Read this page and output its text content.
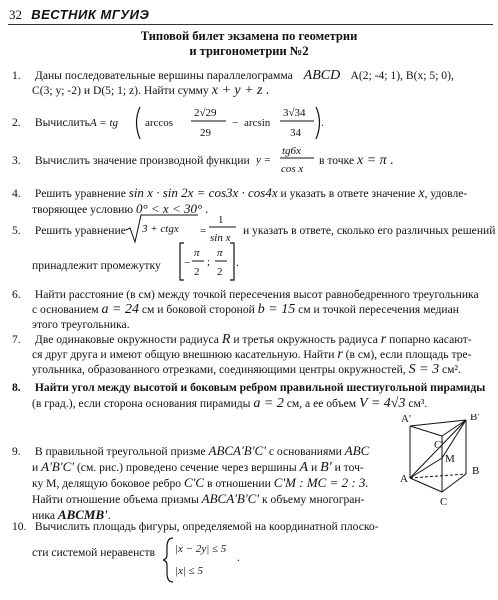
32 ВЕСТНИК МГУИЭ
Типовой билет экзамена по геометрии
и тригонометрии №2
1. Даны последовательные вершины параллелограмма ABCD A(2; -4; 1), B(x; 5; 0),
C(3; y; -2) и D(5; 1; z). Найти сумму x + y + z .
2. Вычислить A = tg arccos
2√29
29
− arcsin
3√34
34
.
3. Вычислить значение производной функции y =
tg6x
cos x
в точке x = π .
4. Решить уравнение sin x · sin 2x = cos3x · cos4x и указать в ответе значение x, удовле-
творяющее условию 0° < x < 30° .
5. Решить уравнение 3 + ctgx =
1
sin x
и указать в ответе, сколько его различных решений
принадлежит промежутку −
π
2
;
π
2
.
6. Найти расстояние (в см) между точкой пересечения высот равнобедренного треугольника
с основанием a = 24 см и боковой стороной b = 15 см и точкой пересечения медиан
этого треугольника.
7. Две одинаковые окружности радиуса R и третья окружность радиуса r попарно касают-
ся друг друга и имеют общую внешнюю касательную. Найти r (в см), если площадь тре-
угольника, образованного отрезками, соединяющими центры окружностей, S = 3 см².
8. Найти угол между высотой и боковым ребром правильной шестиугольной пирамиды
(в град.), если сторона основания пирамиды a = 2 см, а ее объем V = 4√3 см³.
9. В правильной треугольной призме ABCA'B'C' с основаниями ABC
и A'B'C' (см. рис.) проведено сечение через вершины A и B' и точ-
ку М, делящую боковое ребро C'C в отношении C'M : MC = 2 : 3.
Найти отношение объема призмы ABCA'B'C' к объему многогран-
ника ABCMB'.
A'	B'
C'
M
A
B
C
10. Вычислить площадь фигуры, определяемой на координатной плоско-
сти системой неравенств |x − 2y| ≤ 5
|x| ≤ 5
.
